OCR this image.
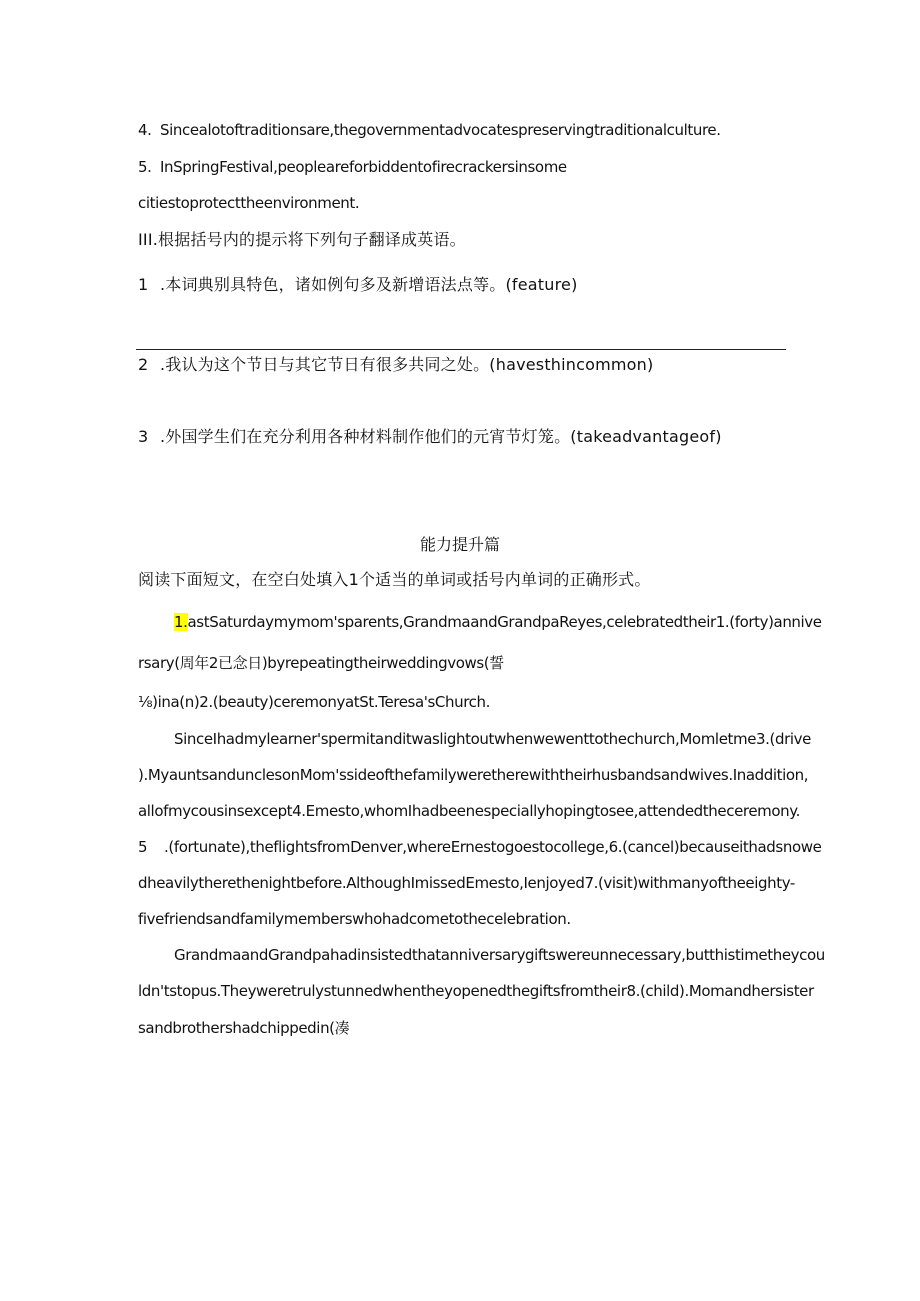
4. Sincealotoftraditionsare,thegovernmentadvocatespreservingtraditionalculture.
5. InSpringFestival,peopleareforbiddentofirecrackersinsome
citiestoprotecttheenvironment.
III.根据括号内的提示将下列句子翻译成英语。
1 .本词典别具特色，诸如例句多及新增语法点等。(feature)
2 .我认为这个节日与其它节日有很多共同之处。(havesthincommon)
3 .外国学生们在充分利用各种材料制作他们的元宵节灯笼。(takeadvantageof)
能力提升篇
阅读下面短文，在空白处填入1个适当的单词或括号内单词的正确形式。
1.astSaturdaymymom'sparents,GrandmaandGrandpaReyes,celebratedtheir1.(forty)annive
rsary(周年2已念日)byrepeatingtheirweddingvows(誓
⅛)ina(n)2.(beauty)ceremonyatSt.Teresa'sChurch.
SinceIhadmylearner'spermitanditwaslightoutwhenwewenttothechurch,Momletme3.(drive
).MyauntsandunclesonMom'ssideofthefamilyweretherewiththeirhusbandsandwives.Inaddition,
allofmycousinsexcept4.Emesto,whomIhadbeenespeciallyhopingtosee,attendedtheceremony.
5 .(fortunate),theflightsfromDenver,whereErnestogoestocollege,6.(cancel)becauseithadsnowe
dheavilytherethenightbefore.AlthoughImissedEmesto,Ienjoyed7.(visit)withmanyoftheeighty-
fivefriendsandfamilymemberswhohadcometothecelebration.
GrandmaandGrandpahadinsistedthatanniversarygiftswereunnecessary,butthistimetheycou
ldn'tstopus.Theyweretrulystunnedwhentheyopenedthegiftsfromtheir8.(child).Momandhersister
sandbrothershadchippedin(凑
